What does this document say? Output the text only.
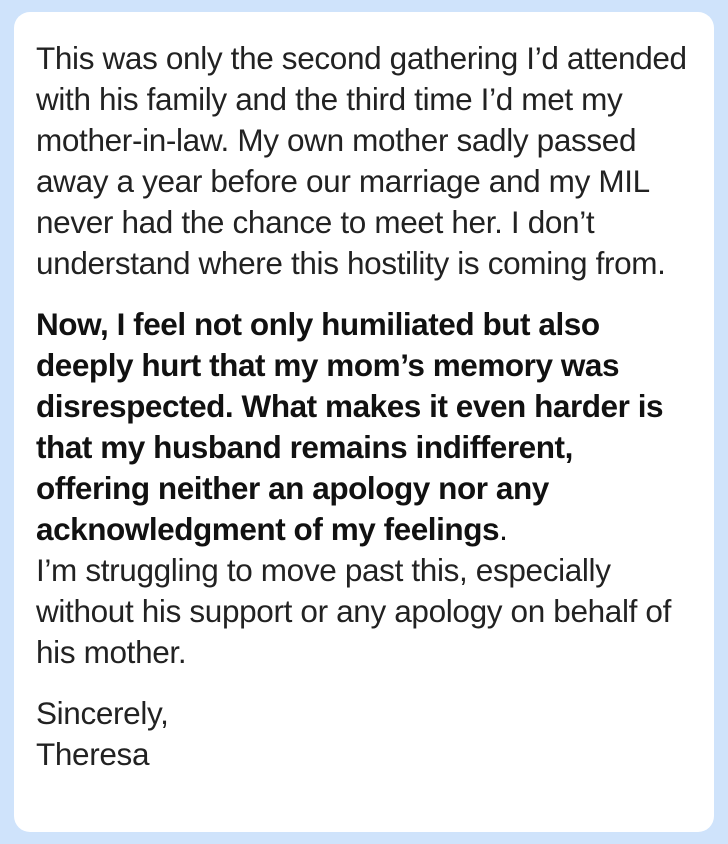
This was only the second gathering I’d attended with his family and the third time I’d met my mother-in-law. My own mother sadly passed away a year before our marriage and my MIL never had the chance to meet her. I don’t understand where this hostility is coming from.

Now, I feel not only humiliated but also deeply hurt that my mom’s memory was disrespected. What makes it even harder is that my husband remains indifferent, offering neither an apology nor any acknowledgment of my feelings.

I’m struggling to move past this, especially without his support or any apology on behalf of his mother.

Sincerely,

Theresa
